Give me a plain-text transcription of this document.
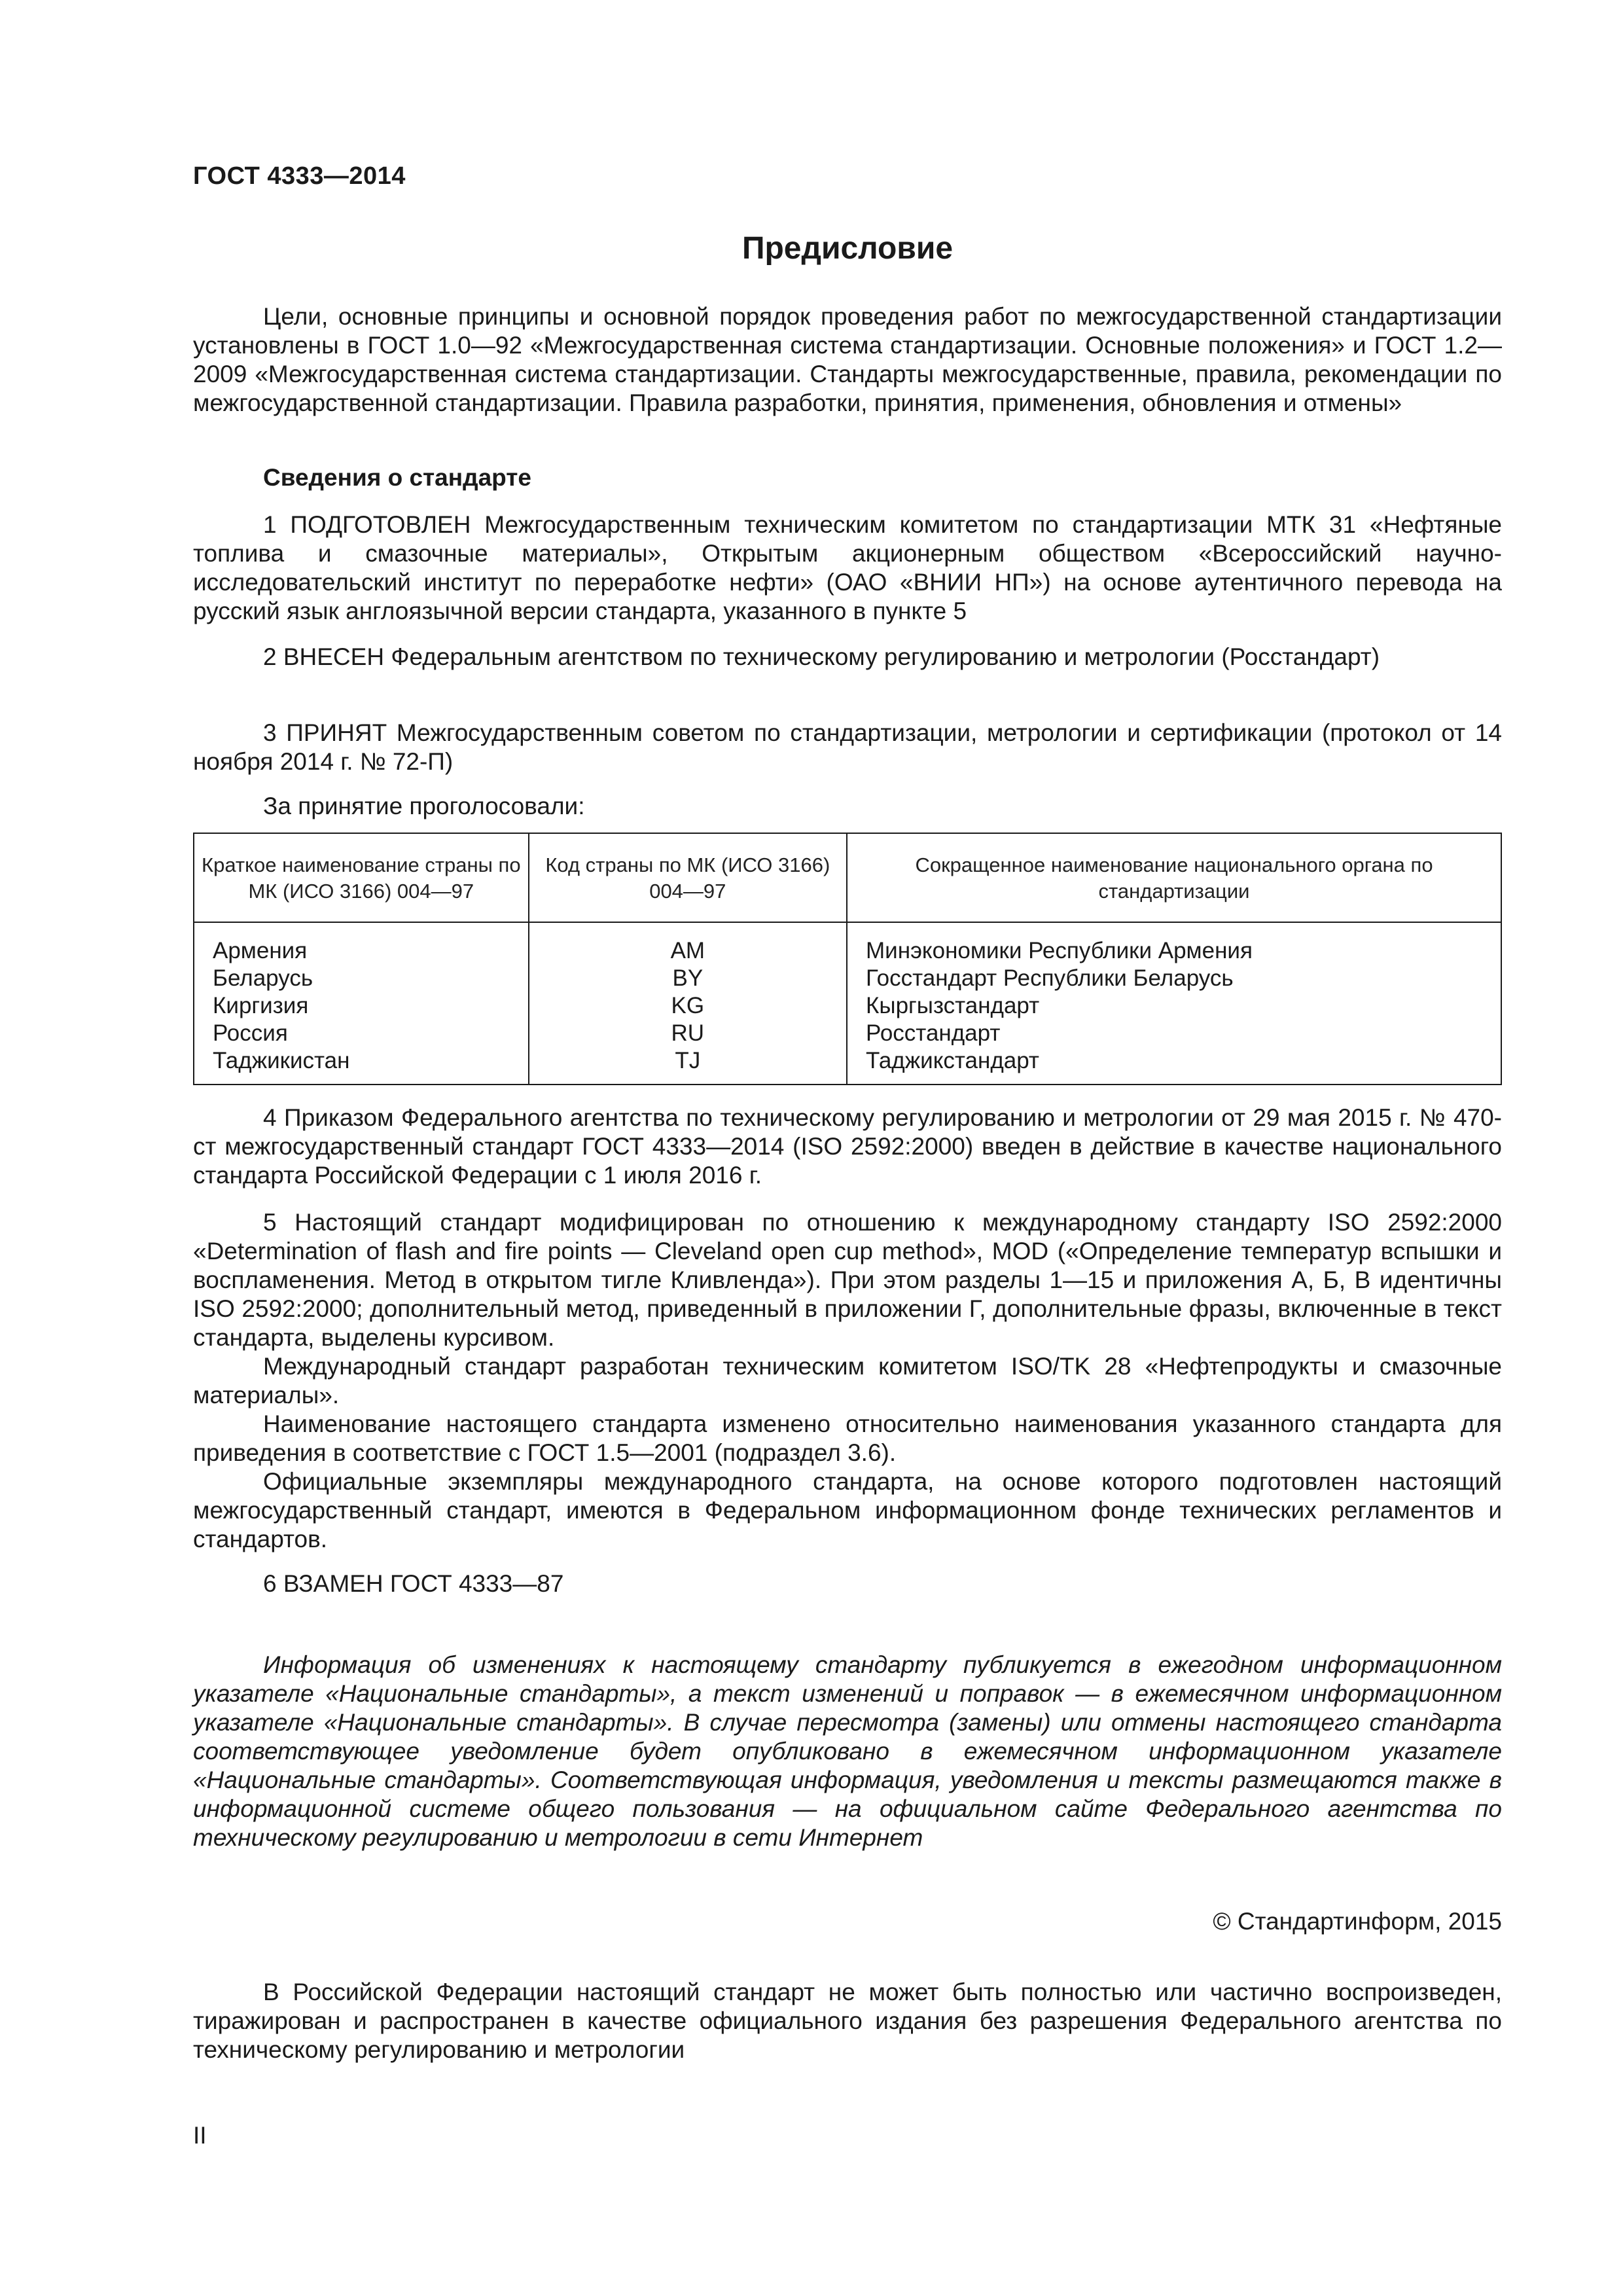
ГОСТ 4333—2014
Предисловие
Цели, основные принципы и основной порядок проведения работ по межгосударственной стандартизации установлены в ГОСТ 1.0—92 «Межгосударственная система стандартизации. Основные положения» и ГОСТ 1.2—2009 «Межгосударственная система стандартизации. Стандарты межгосударственные, правила, рекомендации по межгосударственной стандартизации. Правила разработки, принятия, применения, обновления и отмены»
Сведения о стандарте
1 ПОДГОТОВЛЕН Межгосударственным техническим комитетом по стандартизации МТК 31 «Нефтяные топлива и смазочные материалы», Открытым акционерным обществом «Всероссийский научно-исследовательский институт по переработке нефти» (ОАО «ВНИИ НП») на основе аутентичного перевода на русский язык англоязычной версии стандарта, указанного в пункте 5
2 ВНЕСЕН Федеральным агентством по техническому регулированию и метрологии (Росстандарт)
3 ПРИНЯТ Межгосударственным советом по стандартизации, метрологии и сертификации (протокол от 14 ноября 2014 г. № 72-П)
За принятие проголосовали:
Краткое наименование страны по МК (ИСО 3166) 004—97	Код страны по МК (ИСО 3166) 004—97	Сокращенное наименование национального органа по стандартизации
Армения	AM	Минэкономики Республики Армения
Беларусь	BY	Госстандарт Республики Беларусь
Киргизия	KG	Кыргызстандарт
Россия	RU	Росстандарт
Таджикистан	TJ	Таджикстандарт
4 Приказом Федерального агентства по техническому регулированию и метрологии от 29 мая 2015 г. № 470-ст межгосударственный стандарт ГОСТ 4333—2014 (ISO 2592:2000) введен в действие в качестве национального стандарта Российской Федерации с 1 июля 2016 г.
5 Настоящий стандарт модифицирован по отношению к международному стандарту ISO 2592:2000 «Determination of flash and fire points — Cleveland open cup method», MOD («Определение температур вспышки и воспламенения. Метод в открытом тигле Кливленда»). При этом разделы 1—15 и приложения А, Б, В идентичны ISO 2592:2000; дополнительный метод, приведенный в приложении Г, дополнительные фразы, включенные в текст стандарта, выделены курсивом.
Международный стандарт разработан техническим комитетом ISO/TK 28 «Нефтепродукты и смазочные материалы».
Наименование настоящего стандарта изменено относительно наименования указанного стандарта для приведения в соответствие с ГОСТ 1.5—2001 (подраздел 3.6).
Официальные экземпляры международного стандарта, на основе которого подготовлен настоящий межгосударственный стандарт, имеются в Федеральном информационном фонде технических регламентов и стандартов.
6 ВЗАМЕН ГОСТ 4333—87
Информация об изменениях к настоящему стандарту публикуется в ежегодном информационном указателе «Национальные стандарты», а текст изменений и поправок — в ежемесячном информационном указателе «Национальные стандарты». В случае пересмотра (замены) или отмены настоящего стандарта соответствующее уведомление будет опубликовано в ежемесячном информационном указателе «Национальные стандарты». Соответствующая информация, уведомления и тексты размещаются также в информационной системе общего пользования — на официальном сайте Федерального агентства по техническому регулированию и метрологии в сети Интернет
© Стандартинформ, 2015
В Российской Федерации настоящий стандарт не может быть полностью или частично воспроизведен, тиражирован и распространен в качестве официального издания без разрешения Федерального агентства по техническому регулированию и метрологии
II
